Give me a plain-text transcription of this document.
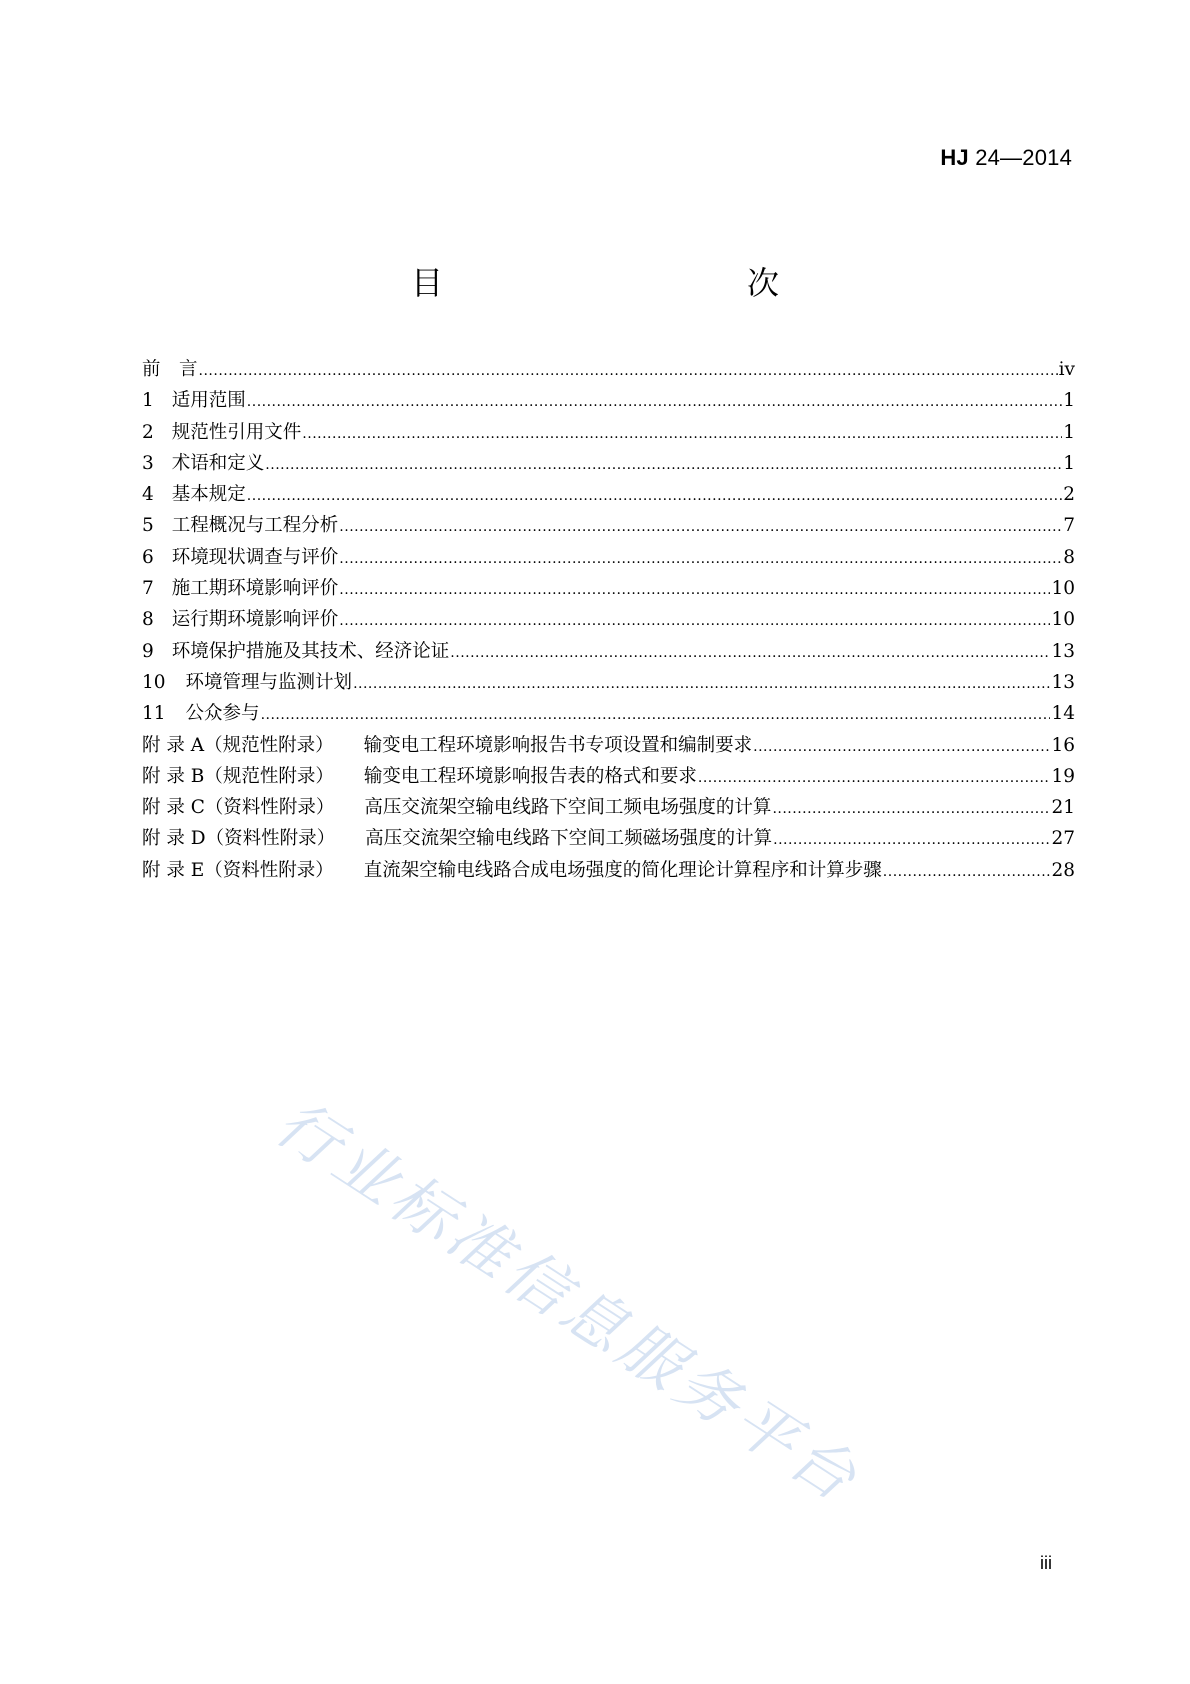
HJ 24—2014
目　　次
前　言 .....	iv
1 适用范围 .....	1
2 规范性引用文件 .....	1
3 术语和定义 .....	1
4 基本规定 .....	2
5 工程概况与工程分析 .....	7
6 环境现状调查与评价 .....	8
7 施工期环境影响评价 .....	10
8 运行期环境影响评价 .....	10
9 环境保护措施及其技术、经济论证 .....	13
10 环境管理与监测计划 .....	13
11 公众参与 .....	14
附 录 A（规范性附录） 输变电工程环境影响报告书专项设置和编制要求 .....	16
附 录 B（规范性附录） 输变电工程环境影响报告表的格式和要求 .....	19
附 录 C（资料性附录） 高压交流架空输电线路下空间工频电场强度的计算 .....	21
附 录 D（资料性附录） 高压交流架空输电线路下空间工频磁场强度的计算 .....	27
附 录 E（资料性附录） 直流架空输电线路合成电场强度的简化理论计算程序和计算步骤 .....	28
iii
行业标准信息服务平台
